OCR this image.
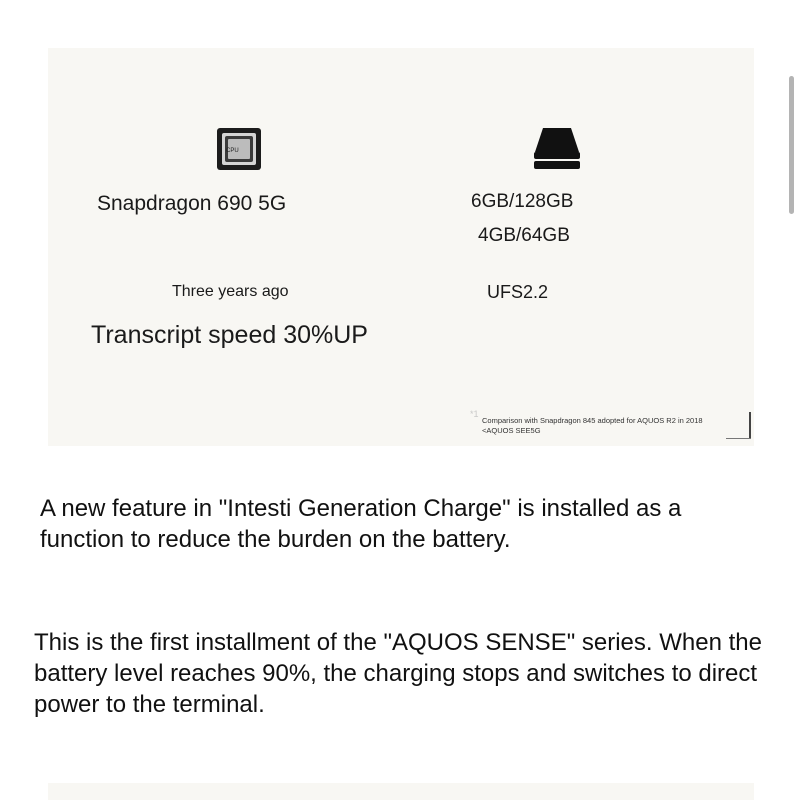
CPU
Snapdragon 690 5G	6GB/128GB
4GB/64GB
Three years ago	UFS2.2
Transcript speed 30%UP
*1
Comparison with Snapdragon 845 adopted for AQUOS R2 in 2018
<AQUOS SEE5G

A new feature in "Intesti Generation Charge" is installed as a function to reduce the burden on the battery.

This is the first installment of the "AQUOS SENSE" series. When the battery level reaches 90%, the charging stops and switches to direct power to the terminal.
